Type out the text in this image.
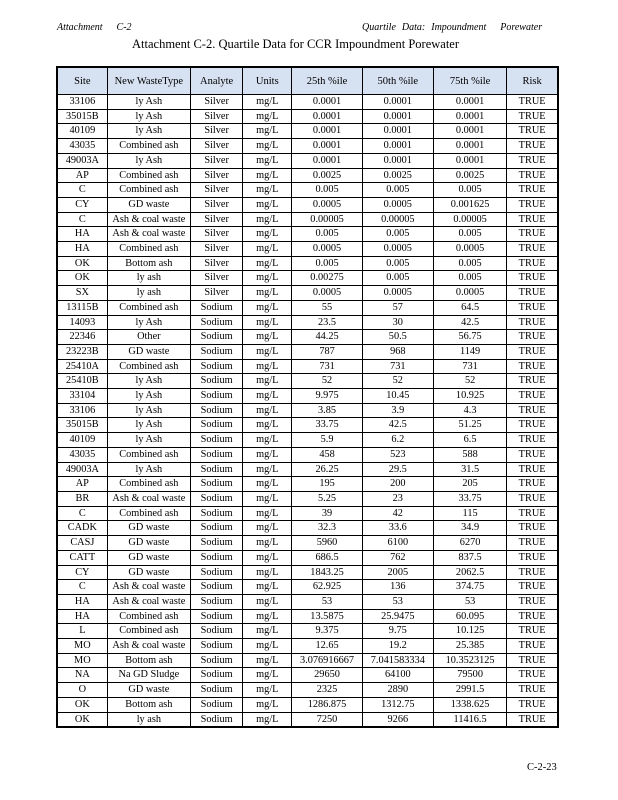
Attachment C-2	Quartile Data: Impoundment Porewater
Attachment C-2. Quartile Data for CCR Impoundment Porewater
Site	New WasteType	Analyte	Units	25th %ile	50th %ile	75th %ile	Risk
33106	ly Ash	Silver	mg/L	0.0001	0.0001	0.0001	TRUE
35015B	ly Ash	Silver	mg/L	0.0001	0.0001	0.0001	TRUE
40109	ly Ash	Silver	mg/L	0.0001	0.0001	0.0001	TRUE
43035	Combined ash	Silver	mg/L	0.0001	0.0001	0.0001	TRUE
49003A	ly Ash	Silver	mg/L	0.0001	0.0001	0.0001	TRUE
AP	Combined ash	Silver	mg/L	0.0025	0.0025	0.0025	TRUE
C	Combined ash	Silver	mg/L	0.005	0.005	0.005	TRUE
CY	GD waste	Silver	mg/L	0.0005	0.0005	0.001625	TRUE
C	Ash & coal waste	Silver	mg/L	0.00005	0.00005	0.00005	TRUE
HA	Ash & coal waste	Silver	mg/L	0.005	0.005	0.005	TRUE
HA	Combined ash	Silver	mg/L	0.0005	0.0005	0.0005	TRUE
OK	Bottom ash	Silver	mg/L	0.005	0.005	0.005	TRUE
OK	ly ash	Silver	mg/L	0.00275	0.005	0.005	TRUE
SX	ly ash	Silver	mg/L	0.0005	0.0005	0.0005	TRUE
13115B	Combined ash	Sodium	mg/L	55	57	64.5	TRUE
14093	ly Ash	Sodium	mg/L	23.5	30	42.5	TRUE
22346	Other	Sodium	mg/L	44.25	50.5	56.75	TRUE
23223B	GD waste	Sodium	mg/L	787	968	1149	TRUE
25410A	Combined ash	Sodium	mg/L	731	731	731	TRUE
25410B	ly Ash	Sodium	mg/L	52	52	52	TRUE
33104	ly Ash	Sodium	mg/L	9.975	10.45	10.925	TRUE
33106	ly Ash	Sodium	mg/L	3.85	3.9	4.3	TRUE
35015B	ly Ash	Sodium	mg/L	33.75	42.5	51.25	TRUE
40109	ly Ash	Sodium	mg/L	5.9	6.2	6.5	TRUE
43035	Combined ash	Sodium	mg/L	458	523	588	TRUE
49003A	ly Ash	Sodium	mg/L	26.25	29.5	31.5	TRUE
AP	Combined ash	Sodium	mg/L	195	200	205	TRUE
BR	Ash & coal waste	Sodium	mg/L	5.25	23	33.75	TRUE
C	Combined ash	Sodium	mg/L	39	42	115	TRUE
CADK	GD waste	Sodium	mg/L	32.3	33.6	34.9	TRUE
CASJ	GD waste	Sodium	mg/L	5960	6100	6270	TRUE
CATT	GD waste	Sodium	mg/L	686.5	762	837.5	TRUE
CY	GD waste	Sodium	mg/L	1843.25	2005	2062.5	TRUE
C	Ash & coal waste	Sodium	mg/L	62.925	136	374.75	TRUE
HA	Ash & coal waste	Sodium	mg/L	53	53	53	TRUE
HA	Combined ash	Sodium	mg/L	13.5875	25.9475	60.095	TRUE
L	Combined ash	Sodium	mg/L	9.375	9.75	10.125	TRUE
MO	Ash & coal waste	Sodium	mg/L	12.65	19.2	25.385	TRUE
MO	Bottom ash	Sodium	mg/L	3.076916667	7.041583334	10.3523125	TRUE
NA	Na GD Sludge	Sodium	mg/L	29650	64100	79500	TRUE
O	GD waste	Sodium	mg/L	2325	2890	2991.5	TRUE
OK	Bottom ash	Sodium	mg/L	1286.875	1312.75	1338.625	TRUE
OK	ly ash	Sodium	mg/L	7250	9266	11416.5	TRUE
C-2-23
